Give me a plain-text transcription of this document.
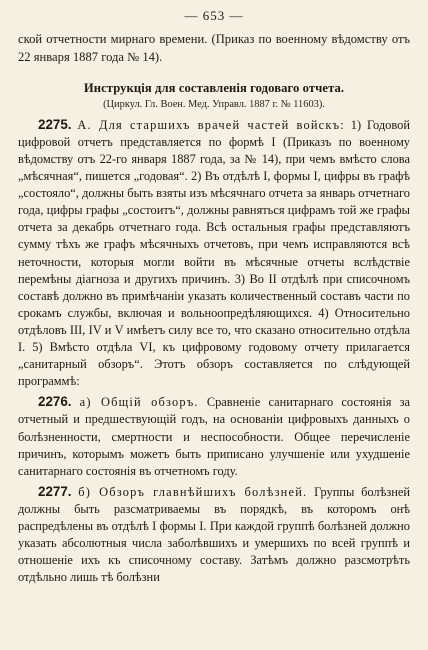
— 653 —

ской отчетности мирнаго времени. (Приказ по военному вѣдомству отъ 22 января 1887 года № 14).

Инструкція для составленія годоваго отчета.
(Циркул. Гл. Воен. Мед. Управл. 1887 г. № 11603).

2275. А. Для старшихъ врачей частей войскъ: 1) Годовой цифровой отчетъ представляется по формѣ I (Приказъ по военному вѣдомству отъ 22-го января 1887 года, за № 14), при чемъ вмѣсто слова „мѣсячная“, пишется „годовая“. 2) Въ отдѣлѣ I, формы I, цифры въ графѣ „состояло“, должны быть взяты изъ мѣсячнаго отчета за январь отчетнаго года, цифры графы „состоитъ“, должны равняться цифрамъ той же графы отчета за декабрь отчетнаго года. Всѣ остальныя графы представляютъ сумму тѣхъ же графъ мѣсячныхъ отчетовъ, при чемъ исправляются всѣ неточности, которыя могли войти въ мѣсячные отчеты вслѣдствіе перемѣны діагноза и другихъ причинъ. 3) Во II отдѣлѣ при списочномъ составѣ должно въ примѣчаніи указать количественный составъ части по срокамъ службы, включая и вольноопредѣляющихся. 4) Относительно отдѣловъ III, IV и V имѣетъ силу все то, что сказано относительно отдѣла I. 5) Вмѣсто отдѣла VI, къ цифровому годовому отчету прилагается „санитарный обзоръ“. Этотъ обзоръ составляется по слѣдующей программѣ:

2276. а) Общій обзоръ. Сравненіе санитарнаго состоянія за отчетный и предшествующій годъ, на основаніи цифровыхъ данныхъ о болѣзненности, смертности и неспособности. Общее перечисленіе причинъ, которымъ можетъ быть приписано улучшеніе или ухудшеніе санитарнаго состоянія въ отчетномъ году.

2277. б) Обзоръ главнѣйшихъ болѣзней. Группы болѣзней должны быть разсматриваемы въ порядкѣ, въ которомъ онѣ распредѣлены въ отдѣлѣ I формы I. При каждой группѣ болѣзней должно указать абсолютныя числа заболѣвшихъ и умершихъ по всей группѣ и отношеніе ихъ къ списочному составу. Затѣмъ должно разсмотрѣть отдѣльно лишь тѣ болѣзни
